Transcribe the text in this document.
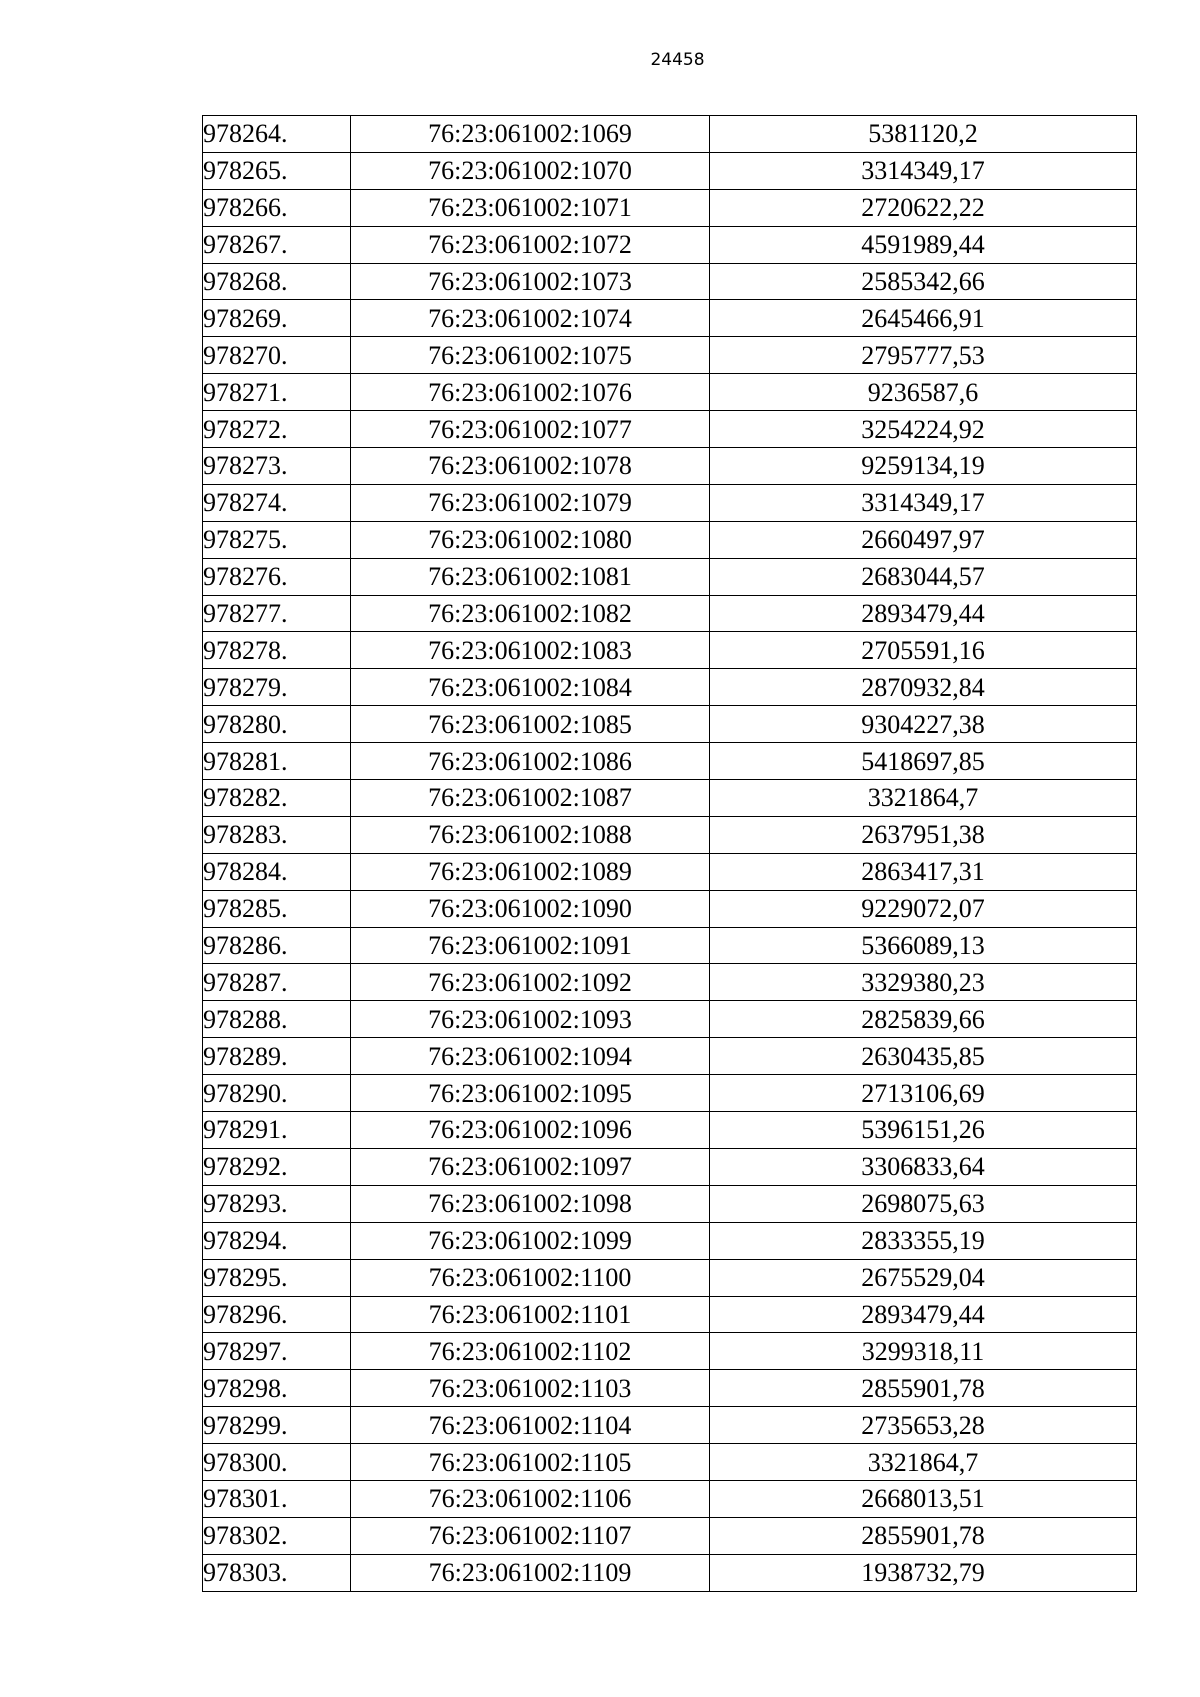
24458
978264.	76:23:061002:1069	5381120,2
978265.	76:23:061002:1070	3314349,17
978266.	76:23:061002:1071	2720622,22
978267.	76:23:061002:1072	4591989,44
978268.	76:23:061002:1073	2585342,66
978269.	76:23:061002:1074	2645466,91
978270.	76:23:061002:1075	2795777,53
978271.	76:23:061002:1076	9236587,6
978272.	76:23:061002:1077	3254224,92
978273.	76:23:061002:1078	9259134,19
978274.	76:23:061002:1079	3314349,17
978275.	76:23:061002:1080	2660497,97
978276.	76:23:061002:1081	2683044,57
978277.	76:23:061002:1082	2893479,44
978278.	76:23:061002:1083	2705591,16
978279.	76:23:061002:1084	2870932,84
978280.	76:23:061002:1085	9304227,38
978281.	76:23:061002:1086	5418697,85
978282.	76:23:061002:1087	3321864,7
978283.	76:23:061002:1088	2637951,38
978284.	76:23:061002:1089	2863417,31
978285.	76:23:061002:1090	9229072,07
978286.	76:23:061002:1091	5366089,13
978287.	76:23:061002:1092	3329380,23
978288.	76:23:061002:1093	2825839,66
978289.	76:23:061002:1094	2630435,85
978290.	76:23:061002:1095	2713106,69
978291.	76:23:061002:1096	5396151,26
978292.	76:23:061002:1097	3306833,64
978293.	76:23:061002:1098	2698075,63
978294.	76:23:061002:1099	2833355,19
978295.	76:23:061002:1100	2675529,04
978296.	76:23:061002:1101	2893479,44
978297.	76:23:061002:1102	3299318,11
978298.	76:23:061002:1103	2855901,78
978299.	76:23:061002:1104	2735653,28
978300.	76:23:061002:1105	3321864,7
978301.	76:23:061002:1106	2668013,51
978302.	76:23:061002:1107	2855901,78
978303.	76:23:061002:1109	1938732,79
